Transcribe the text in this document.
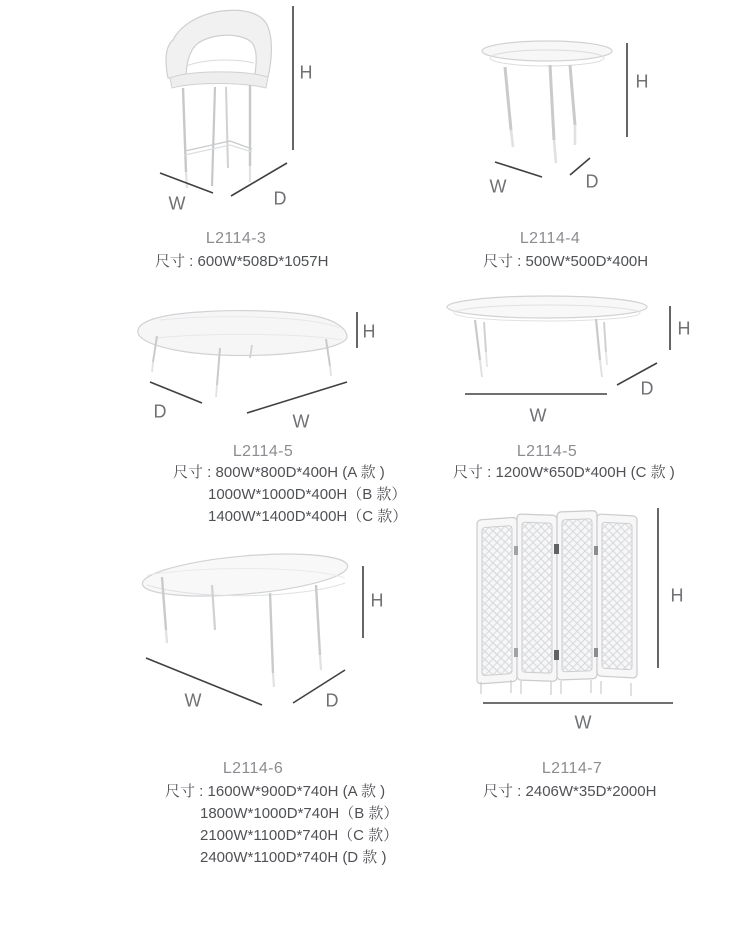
H
W	D
L2114-3
尺寸 : 600W*508D*1057H
H
W	D
L2114-4
尺寸 : 500W*500D*400H
H
D	W
L2114-5
尺寸 : 800W*800D*400H (A 款 )
1000W*1000D*400H（B 款）
1400W*1400D*400H（C 款）
H
D
W
L2114-5
尺寸 : 1200W*650D*400H (C 款 )
H
W	D
L2114-6
尺寸 : 1600W*900D*740H (A 款 )
1800W*1000D*740H（B 款）
2100W*1100D*740H（C 款）
2400W*1100D*740H (D 款 )
H
W
L2114-7
尺寸 : 2406W*35D*2000H
